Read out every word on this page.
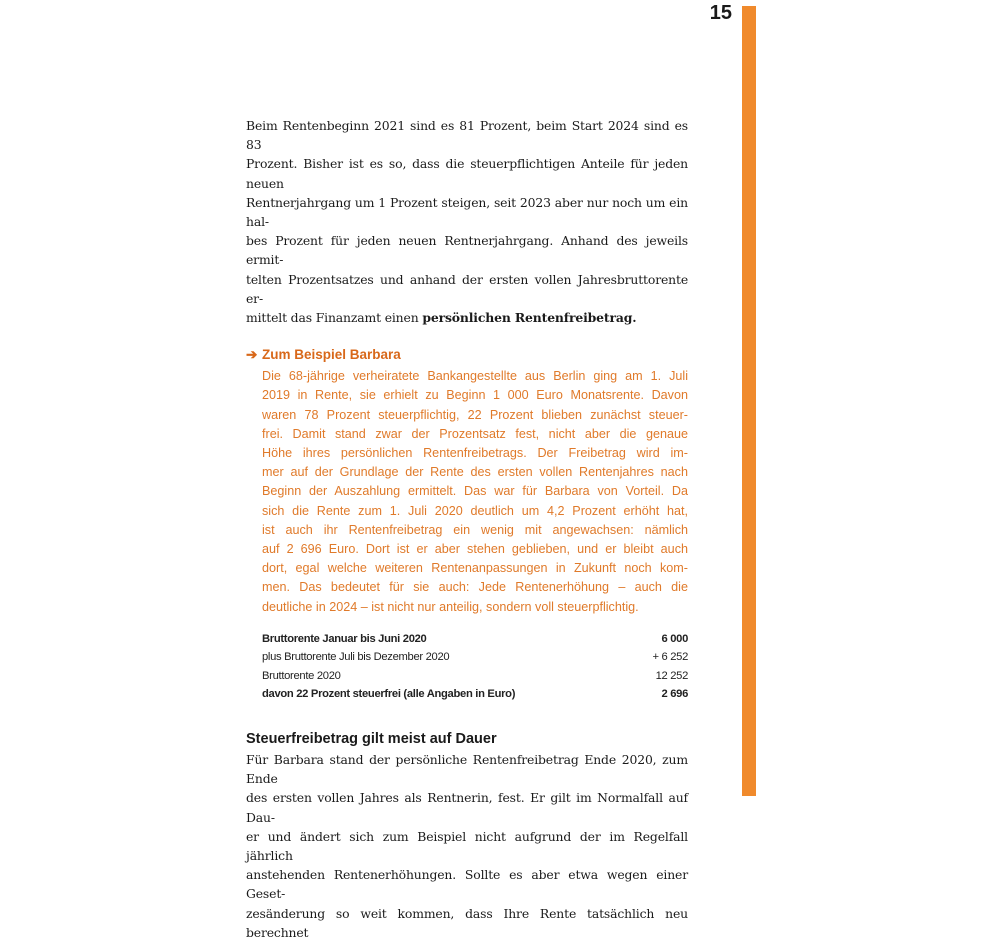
15

Beim Rentenbeginn 2021 sind es 81 Prozent, beim Start 2024 sind es 83
Prozent. Bisher ist es so, dass die steuerpflichtigen Anteile für jeden neuen
Rentnerjahrgang um 1 Prozent steigen, seit 2023 aber nur noch um ein hal-
bes Prozent für jeden neuen Rentnerjahrgang. Anhand des jeweils ermit-
telten Prozentsatzes und anhand der ersten vollen Jahresbruttorente er-
mittelt das Finanzamt einen persönlichen Rentenfreibetrag.

➔ Zum Beispiel Barbara
Die 68-jährige verheiratete Bankangestellte aus Berlin ging am 1. Juli
2019 in Rente, sie erhielt zu Beginn 1 000 Euro Monatsrente. Davon
waren 78 Prozent steuerpflichtig, 22 Prozent blieben zunächst steuer-
frei. Damit stand zwar der Prozentsatz fest, nicht aber die genaue
Höhe ihres persönlichen Rentenfreibetrags. Der Freibetrag wird im-
mer auf der Grundlage der Rente des ersten vollen Rentenjahres nach
Beginn der Auszahlung ermittelt. Das war für Barbara von Vorteil. Da
sich die Rente zum 1. Juli 2020 deutlich um 4,2 Prozent erhöht hat,
ist auch ihr Rentenfreibetrag ein wenig mit angewachsen: nämlich
auf 2 696 Euro. Dort ist er aber stehen geblieben, und er bleibt auch
dort, egal welche weiteren Rentenanpassungen in Zukunft noch kom-
men. Das bedeutet für sie auch: Jede Rentenerhöhung – auch die
deutliche in 2024 – ist nicht nur anteilig, sondern voll steuerpflichtig.
Bruttorente Januar bis Juni 2020	6 000
plus Bruttorente Juli bis Dezember 2020	+ 6 252
Bruttorente 2020	12 252
davon 22 Prozent steuerfrei (alle Angaben in Euro)	2 696
Steuerfreibetrag gilt meist auf Dauer

Für Barbara stand der persönliche Rentenfreibetrag Ende 2020, zum Ende
des ersten vollen Jahres als Rentnerin, fest. Er gilt im Normalfall auf Dau-
er und ändert sich zum Beispiel nicht aufgrund der im Regelfall jährlich
anstehenden Rentenerhöhungen. Sollte es aber etwa wegen einer Geset-
zesänderung so weit kommen, dass Ihre Rente tatsächlich neu berechnet
